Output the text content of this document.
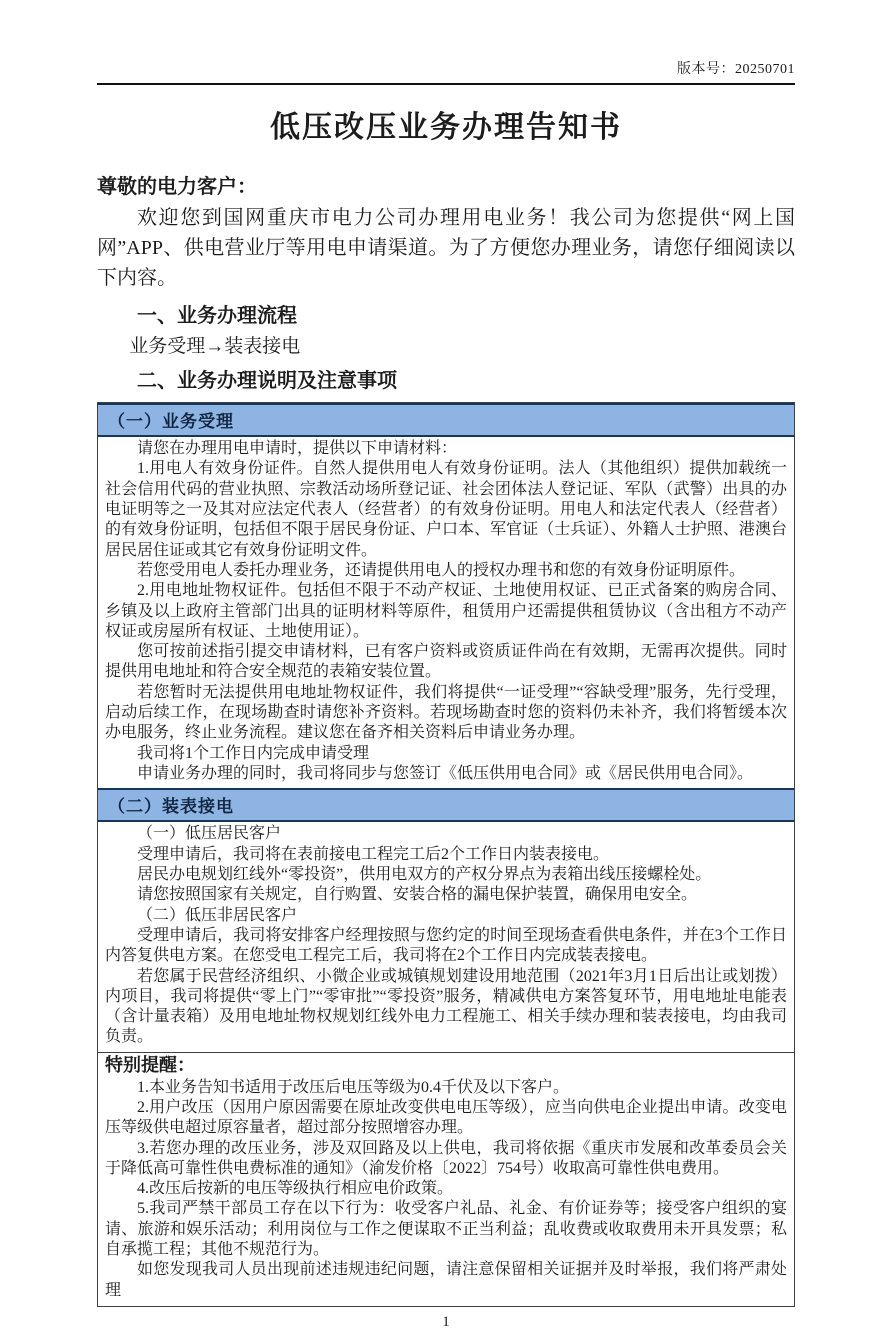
版本号：20250701
低压改压业务办理告知书

尊敬的电力客户：

欢迎您到国网重庆市电力公司办理用电业务！我公司为您提供“网上国网”APP、供电营业厅等用电申请渠道。为了方便您办理业务，请您仔细阅读以下内容。

一、业务办理流程

业务受理→装表接电

二、业务办理说明及注意事项

（一）业务受理

请您在办理用电申请时，提供以下申请材料：

1.用电人有效身份证件。自然人提供用电人有效身份证明。法人（其他组织）提供加载统一社会信用代码的营业执照、宗教活动场所登记证、社会团体法人登记证、军队（武警）出具的办电证明等之一及其对应法定代表人（经营者）的有效身份证明。用电人和法定代表人（经营者）的有效身份证明，包括但不限于居民身份证、户口本、军官证（士兵证）、外籍人士护照、港澳台居民居住证或其它有效身份证明文件。

若您受用电人委托办理业务，还请提供用电人的授权办理书和您的有效身份证明原件。

2.用电地址物权证件。包括但不限于不动产权证、土地使用权证、已正式备案的购房合同、乡镇及以上政府主管部门出具的证明材料等原件，租赁用户还需提供租赁协议（含出租方不动产权证或房屋所有权证、土地使用证）。

您可按前述指引提交申请材料，已有客户资料或资质证件尚在有效期，无需再次提供。同时提供用电地址和符合安全规范的表箱安装位置。

若您暂时无法提供用电地址物权证件，我们将提供“一证受理”“容缺受理”服务，先行受理，启动后续工作，在现场勘查时请您补齐资料。若现场勘查时您的资料仍未补齐，我们将暂缓本次办电服务，终止业务流程。建议您在备齐相关资料后申请业务办理。

我司将1个工作日内完成申请受理

申请业务办理的同时，我司将同步与您签订《低压供用电合同》或《居民供用电合同》。

（二）装表接电

（一）低压居民客户

受理申请后，我司将在表前接电工程完工后2个工作日内装表接电。

居民办电规划红线外“零投资”，供用电双方的产权分界点为表箱出线压接螺栓处。

请您按照国家有关规定，自行购置、安装合格的漏电保护装置，确保用电安全。

（二）低压非居民客户

受理申请后，我司将安排客户经理按照与您约定的时间至现场查看供电条件，并在3个工作日内答复供电方案。在您受电工程完工后，我司将在2个工作日内完成装表接电。

若您属于民营经济组织、小微企业或城镇规划建设用地范围（2021年3月1日后出让或划拨）内项目，我司将提供“零上门”“零审批”“零投资”服务，精减供电方案答复环节，用电地址电能表（含计量表箱）及用电地址物权规划红线外电力工程施工、相关手续办理和装表接电，均由我司负责。

特别提醒：

1.本业务告知书适用于改压后电压等级为0.4千伏及以下客户。

2.用户改压（因用户原因需要在原址改变供电电压等级），应当向供电企业提出申请。改变电压等级供电超过原容量者，超过部分按照增容办理。

3.若您办理的改压业务，涉及双回路及以上供电，我司将依据《重庆市发展和改革委员会关于降低高可靠性供电费标准的通知》（渝发价格〔2022〕754号）收取高可靠性供电费用。

4.改压后按新的电压等级执行相应电价政策。

5.我司严禁干部员工存在以下行为：收受客户礼品、礼金、有价证券等；接受客户组织的宴请、旅游和娱乐活动；利用岗位与工作之便谋取不正当利益；乱收费或收取费用未开具发票；私自承揽工程；其他不规范行为。

如您发现我司人员出现前述违规违纪问题，请注意保留相关证据并及时举报，我们将严肃处理

1
